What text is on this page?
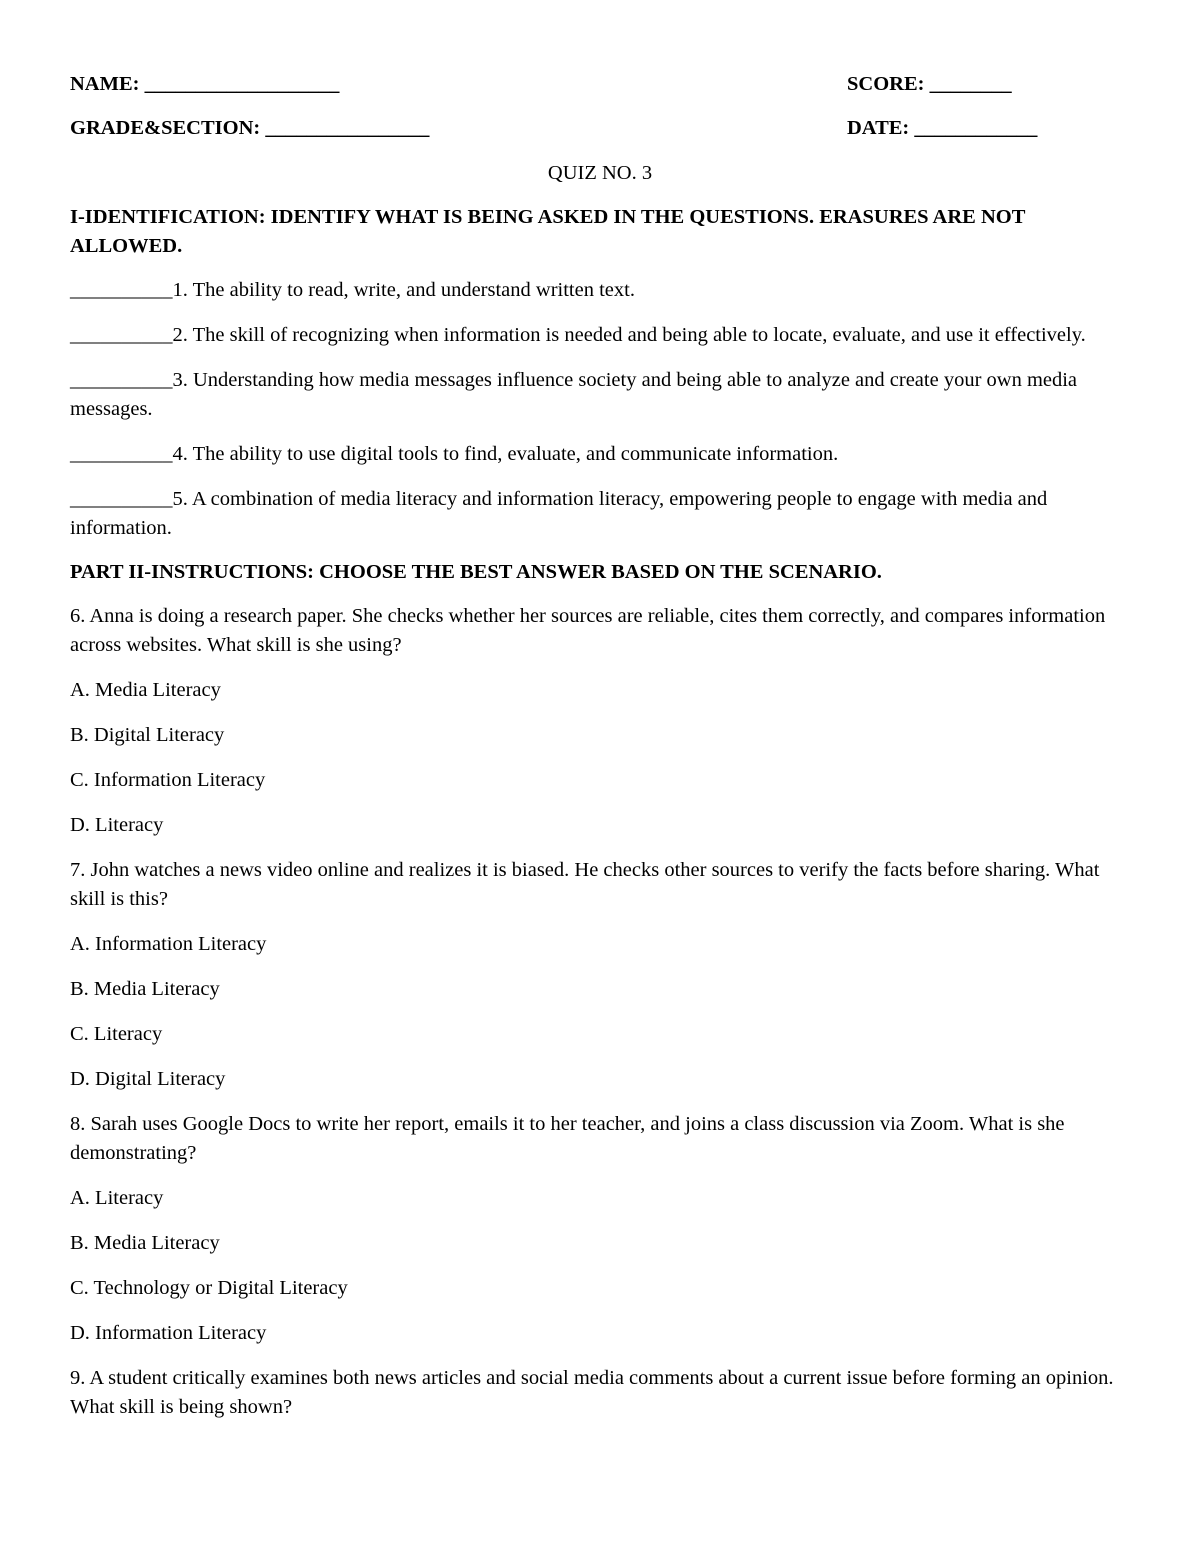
NAME: ___________________

	SCORE: ________

GRADE&SECTION: ________________

	DATE: ____________

QUIZ NO. 3
I-IDENTIFICATION: IDENTIFY WHAT IS BEING ASKED IN THE QUESTIONS. ERASURES ARE NOT ALLOWED.
__________1. The ability to read, write, and understand written text.
__________2. The skill of recognizing when information is needed and being able to locate, evaluate, and use it effectively.
__________3. Understanding how media messages influence society and being able to analyze and create your own media messages.
__________4. The ability to use digital tools to find, evaluate, and communicate information.
__________5. A combination of media literacy and information literacy, empowering people to engage with media and information.
PART II-INSTRUCTIONS: CHOOSE THE BEST ANSWER BASED ON THE SCENARIO.
6. Anna is doing a research paper. She checks whether her sources are reliable, cites them correctly, and compares information across websites. What skill is she using?
A. Media Literacy
B. Digital Literacy
C. Information Literacy
D. Literacy
7. John watches a news video online and realizes it is biased. He checks other sources to verify the facts before sharing. What skill is this?
A. Information Literacy
B. Media Literacy
C. Literacy
D. Digital Literacy
8. Sarah uses Google Docs to write her report, emails it to her teacher, and joins a class discussion via Zoom. What is she demonstrating?
A. Literacy
B. Media Literacy
C. Technology or Digital Literacy
D. Information Literacy
9. A student critically examines both news articles and social media comments about a current issue before forming an opinion. What skill is being shown?
